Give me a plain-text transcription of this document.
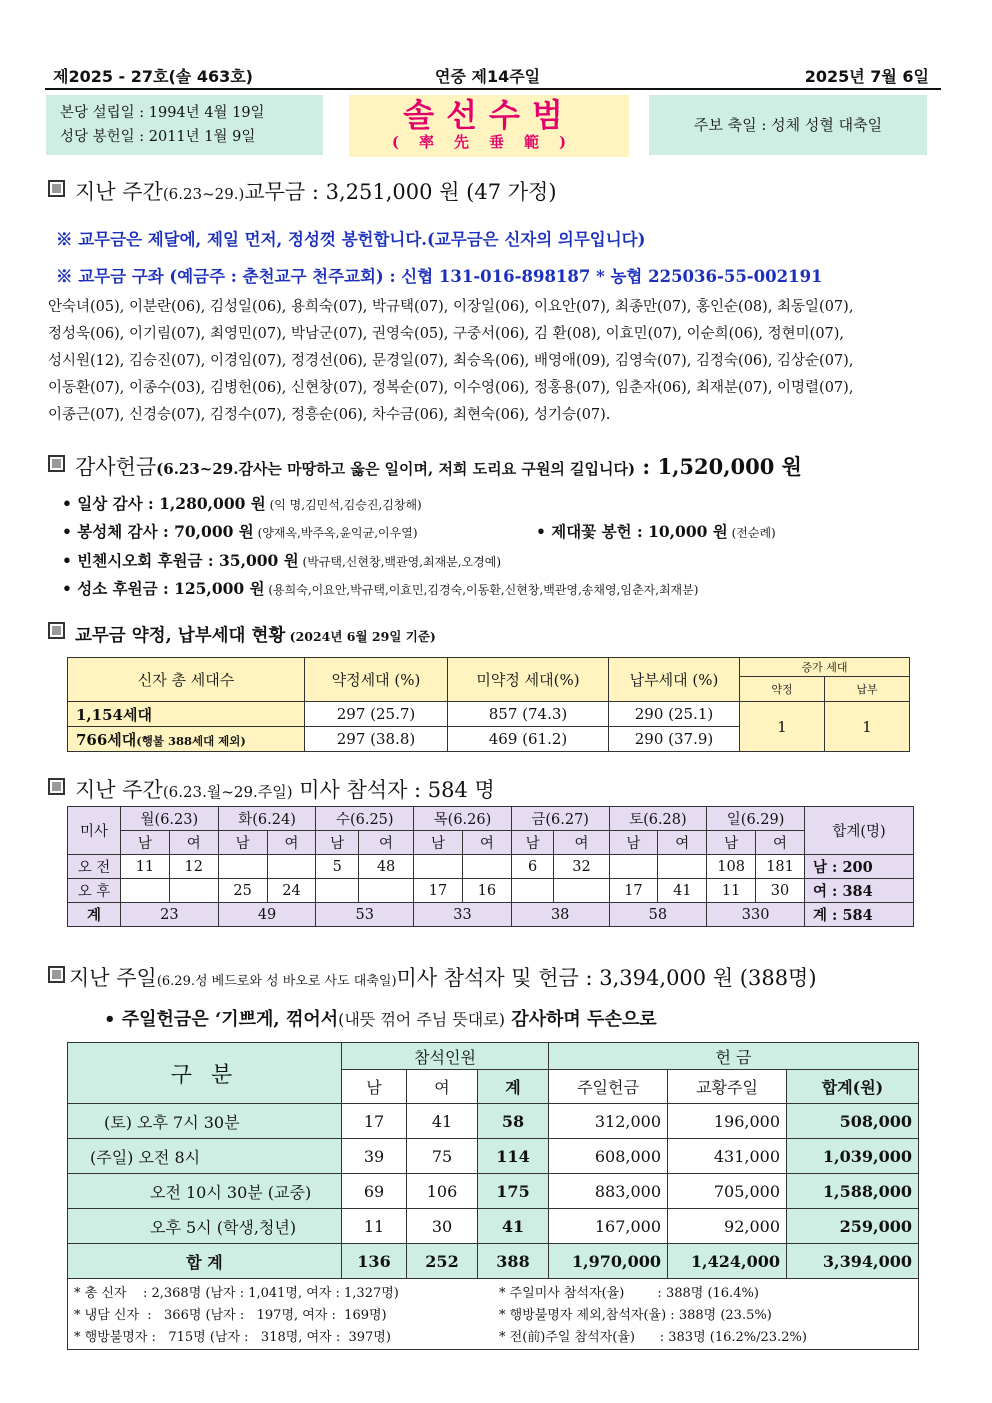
제2025 - 27호(솔 463호)	연중 제14주일	2025년 7월 6일
본당 설립일 : 1994년 4월 19일
성당 봉헌일 : 2011년 1월 9일
솔선수범
(率先垂範)
주보 축일 : 성체 성혈 대축일
지난 주간(6.23~29.)교무금 : 3,251,000 원 (47 가정)
※ 교무금은 제달에, 제일 먼저, 정성껏 봉헌합니다.(교무금은 신자의 의무입니다)
※ 교무금 구좌 (예금주 : 춘천교구 천주교회) : 신협 131-016-898187 * 농협 225036-55-002191
안숙녀(05), 이분란(06), 김성일(06), 용희숙(07), 박규택(07), 이장일(06), 이요안(07), 최종만(07), 홍인순(08), 최동일(07),
정성욱(06), 이기림(07), 최영민(07), 박남군(07), 권영숙(05), 구중서(06), 김 환(08), 이효민(07), 이순희(06), 정현미(07),
성시원(12), 김승진(07), 이경임(07), 정경선(06), 문경일(07), 최승옥(06), 배영애(09), 김영숙(07), 김정숙(06), 김상순(07),
이동환(07), 이종수(03), 김병헌(06), 신현창(07), 정복순(07), 이수영(06), 정홍용(07), 임춘자(06), 최재분(07), 이명렬(07),
이종근(07), 신경승(07), 김정수(07), 정흥순(06), 차수금(06), 최현숙(06), 성기승(07).
감사헌금(6.23~29.감사는 마땅하고 옳은 일이며, 저희 도리요 구원의 길입니다) : 1,520,000 원
• 일상 감사 : 1,280,000 원 (익 명,김민석,김승진,김창해)
• 봉성체 감사 : 70,000 원 (양재옥,박주옥,윤익균,이우열)	• 제대꽃 봉헌 : 10,000 원 (전순례)
• 빈첸시오회 후원금 : 35,000 원 (박규택,신현창,백관영,최재분,오경예)
• 성소 후원금 : 125,000 원 (용희숙,이요안,박규택,이효민,김경숙,이동환,신현창,백관영,송채영,임춘자,최재분)
교무금 약정, 납부세대 현황 (2024년 6월 29일 기준)
신자 총 세대수	약정세대 (%)	미약정 세대(%)	납부세대 (%)	증가 세대	
				약정	납부
1,154세대	297 (25.7)	857 (74.3)	290 (25.1)	1	1
766세대(행불 388세대 제외)	297 (38.8)	469 (61.2)	290 (37.9)		
지난 주간(6.23.월~29.주일) 미사 참석자 : 584 명
미사	월(6.23)		화(6.24)		수(6.25)		목(6.26)		금(6.27)		토(6.28)		일(6.29)		합계(명)
	남	여	남	여	남	여	남	여	남	여	남	여	남	여	
오 전	11	12			5	48			6	32			108	181	남 : 200
오 후			25	24			17	16			17	41	11	30	여 : 384
계	23		49		53		33		38		58		330		계 : 584
지난 주일(6.29.성 베드로와 성 바오로 사도 대축일)미사 참석자 및 헌금 : 3,394,000 원 (388명)
• 주일헌금은 ‘기쁘게, 꺾어서(내뜻 꺾어 주님 뜻대로) 감사하며 두손으로
구 분	참석인원			헌 금		
	남	여	계	주일헌금	교황주일	합계(원)
(토) 오후 7시 30분	17	41	58	312,000	196,000	508,000
(주일) 오전 8시	39	75	114	608,000	431,000	1,039,000
오전 10시 30분 (교중)	69	106	175	883,000	705,000	1,588,000
오후 5시 (학생,청년)	11	30	41	167,000	92,000	259,000
합 계	136	252	388	1,970,000	1,424,000	3,394,000

* 총 신자    : 2,368명 (남자 : 1,041명, 여자 : 1,327명) * 주일미사 참석자(율)        : 388명 (16.4%)
* 냉담 신자  :   366명 (남자 :   197명, 여자 :  169명) * 행방불명자 제외,참석자(율) : 388명 (23.5%)
* 행방불명자 :   715명 (남자 :   318명, 여자 :  397명) * 전(前)주일 참석자(율)      : 383명 (16.2%/23.2%)						
